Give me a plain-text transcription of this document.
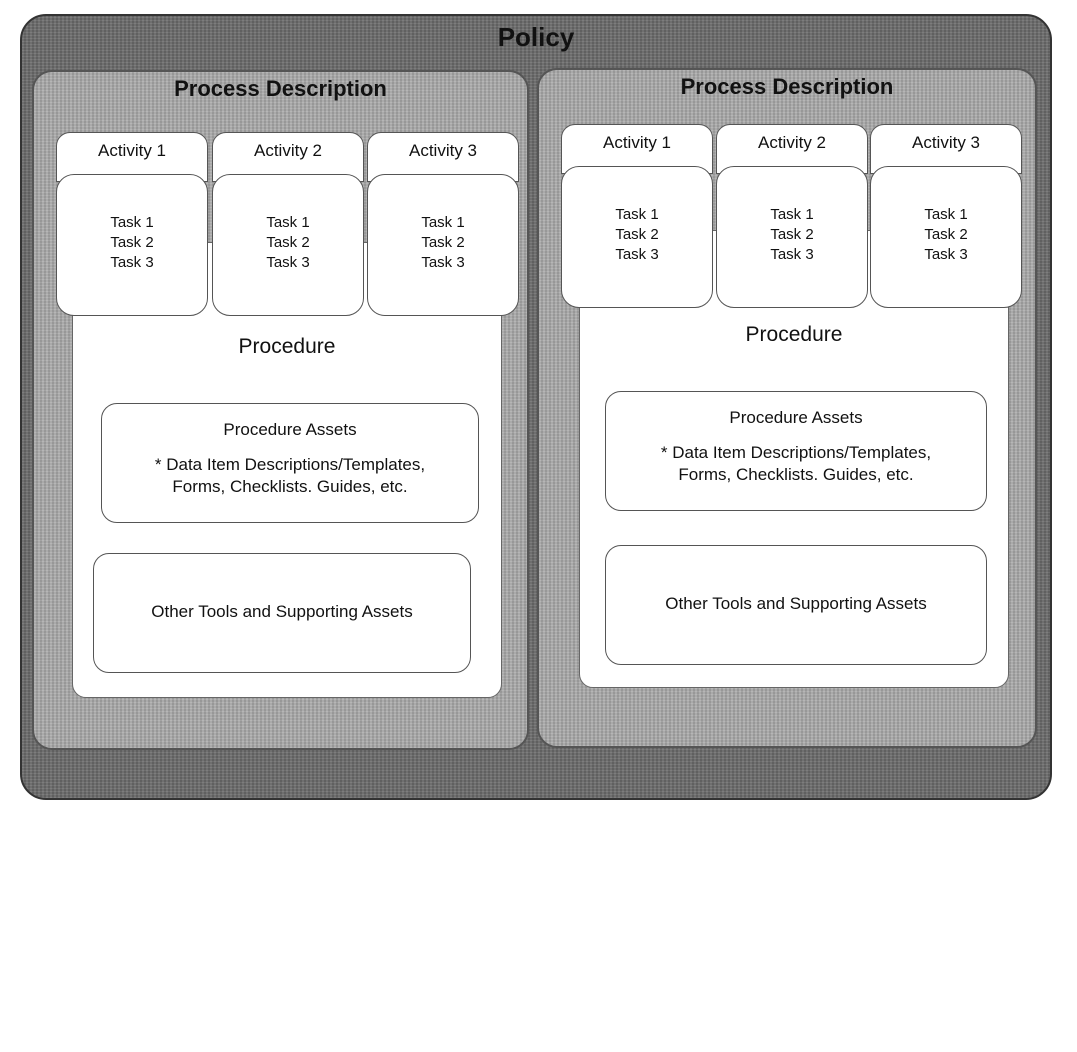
Policy
Process Description
Procedure
Procedure Assets
* Data Item Descriptions/Templates,
Forms, Checklists. Guides, etc.
Other Tools and Supporting Assets
Activity 1
Task 1
Task 2
Task 3
Activity 2
Task 1
Task 2
Task 3
Activity 3
Task 1
Task 2
Task 3
Process Description
Procedure
Procedure Assets
* Data Item Descriptions/Templates,
Forms, Checklists. Guides, etc.
Other Tools and Supporting Assets
Activity 1
Task 1
Task 2
Task 3
Activity 2
Task 1
Task 2
Task 3
Activity 3
Task 1
Task 2
Task 3
